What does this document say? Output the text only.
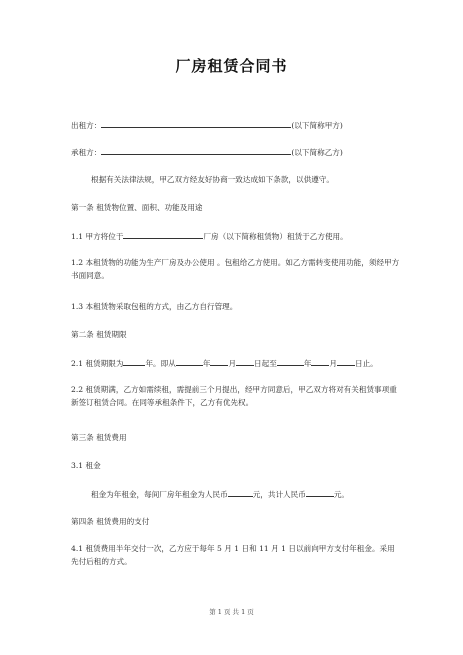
厂房租赁合同书
出租方：	(以下简称甲方)
承租方：	(以下简称乙方)
根据有关法律法规，甲乙双方经友好协商一致达成如下条款，以供遵守。
第一条 租赁物位置、面积、功能及用途
1.1 甲方将位于	厂房（以下简称租赁物）租赁于乙方使用。
1.2 本租赁物的功能为生产厂房及办公使用 。包租给乙方使用。如乙方需转变使用功能，须经甲方书面同意。
1.3 本租赁物采取包租的方式，由乙方自行管理。
第二条 租赁期限
2.1 租赁期限为	年。即从	年 月 日起至	年 月 日止。
2.2 租赁期满，乙方如需续租，需提前三个月提出，经甲方同意后，甲乙双方将对有关租赁事项重新签订租赁合同。在同等承租条件下，乙方有优先权。
第三条 租赁费用
3.1 租金
租金为年租金，每间厂房年租金为人民币	元，共计人民币	元。
第四条 租赁费用的支付
4.1 租赁费用半年交付一次，乙方应于每年 5 月 1 日和 11 月 1 日以前向甲方支付年租金。采用先付后租的方式。
第 1 页 共 1 页
